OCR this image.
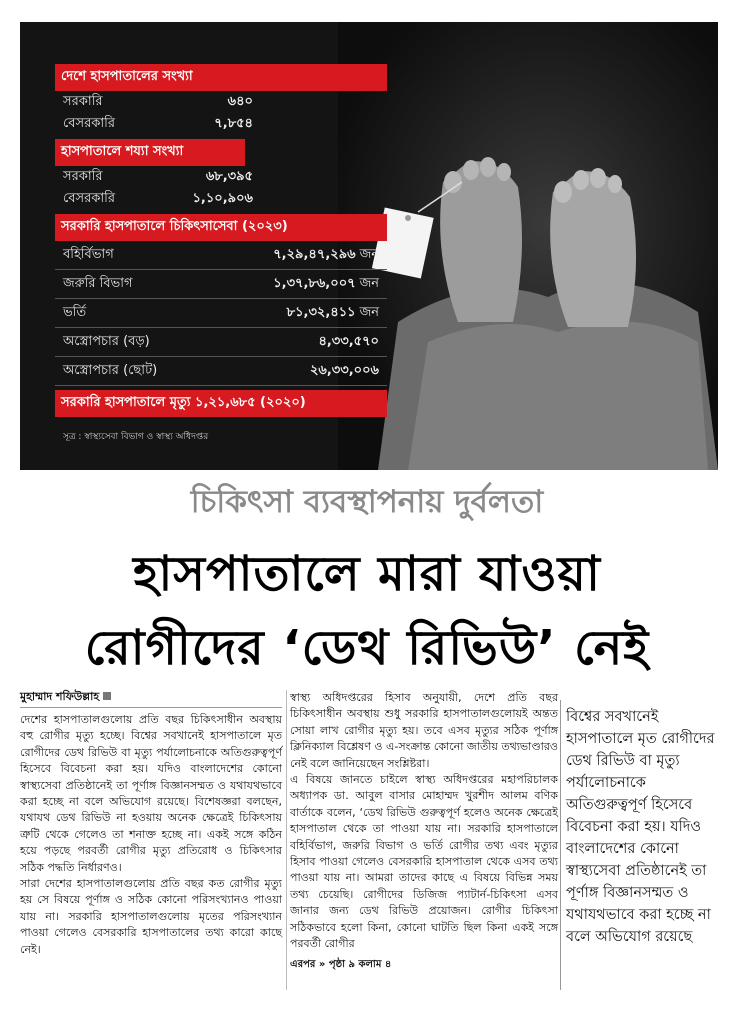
দেশে হাসপাতালের সংখ্যা
সরকারি	৬৪০
বেসরকারি	৭,৮৫৪
হাসপাতালে শয্যা সংখ্যা
সরকারি	৬৮,৩৯৫
বেসরকারি	১,১০,৯০৬
সরকারি হাসপাতালে চিকিৎসাসেবা (২০২৩)
বহির্বিভাগ	৭,২৯,৪৭,২৯৬ জন
জরুরি বিভাগ	১,৩৭,৮৬,০০৭ জন
ভর্তি	৮১,৩২,৪১১ জন
অস্ত্রোপচার (বড়)	৪,৩৩,৫৭০
অস্ত্রোপচার (ছোট)	২৬,৩৩,০০৬
সরকারি হাসপাতালে মৃত্যু ১,২১,৬৮৫ (২০২০)
সূত্র : স্বাস্থ্যসেবা বিভাগ ও স্বাস্থ্য অধিদপ্তর
চিকিৎসা ব্যবস্থাপনায় দুর্বলতা
হাসপাতালে মারা যাওয়া
রোগীদের ‘ডেথ রিভিউ’ নেই
মুহাম্মাদ শফিউল্লাহ

দেশের হাসপাতালগুলোয় প্রতি বছর চিকিৎসাধীন অবস্থায় বহু রোগীর মৃত্যু হচ্ছে। বিশ্বের সবখানেই হাসপাতালে মৃত রোগীদের ডেথ রিভিউ বা মৃত্যু পর্যালোচনাকে অতিগুরুত্বপূর্ণ হিসেবে বিবেচনা করা হয়। যদিও বাংলাদেশের কোনো স্বাস্থ্যসেবা প্রতিষ্ঠানেই তা পূর্ণাঙ্গ বিজ্ঞানসম্মত ও যথাযথভাবে করা হচ্ছে না বলে অভিযোগ রয়েছে। বিশেষজ্ঞরা বলছেন, যথাযথ ডেথ রিভিউ না হওয়ায় অনেক ক্ষেত্রেই চিকিৎসায় ত্রুটি থেকে গেলেও তা শনাক্ত হচ্ছে না। একই সঙ্গে কঠিন হয়ে পড়ছে পরবর্তী রোগীর মৃত্যু প্রতিরোধ ও চিকিৎসার সঠিক পদ্ধতি নির্ধারণও।

সারা দেশের হাসপাতালগুলোয় প্রতি বছর কত রোগীর মৃত্যু হয় সে বিষয়ে পূর্ণাঙ্গ ও সঠিক কোনো পরিসংখ্যানও পাওয়া যায় না। সরকারি হাসপাতালগুলোয় মৃতের পরিসংখ্যান পাওয়া গেলেও বেসরকারি হাসপাতালের তথ্য কারো কাছে নেই।

স্বাস্থ্য অধিদপ্তরের হিসাব অনুযায়ী, দেশে প্রতি বছর চিকিৎসাধীন অবস্থায় শুধু সরকারি হাসপাতালগুলোয়ই অন্তত সোয়া লাখ রোগীর মৃত্যু হয়। তবে এসব মৃত্যুর সঠিক পূর্ণাঙ্গ ক্লিনিক্যাল বিশ্লেষণ ও এ-সংক্রান্ত কোনো জাতীয় তথ্যভাণ্ডারও নেই বলে জানিয়েছেন সংশ্লিষ্টরা।

এ বিষয়ে জানতে চাইলে স্বাস্থ্য অধিদপ্তরের মহাপরিচালক অধ্যাপক ডা. আবুল বাসার মোহাম্মদ খুরশীদ আলম বণিক বার্তাকে বলেন, ‘ডেথ রিভিউ গুরুত্বপূর্ণ হলেও অনেক ক্ষেত্রেই হাসপাতাল থেকে তা পাওয়া যায় না। সরকারি হাসপাতালে বহির্বিভাগ, জরুরি বিভাগ ও ভর্তি রোগীর তথ্য এবং মৃত্যুর হিসাব পাওয়া গেলেও বেসরকারি হাসপাতাল থেকে এসব তথ্য পাওয়া যায় না। আমরা তাদের কাছে এ বিষয়ে বিভিন্ন সময় তথ্য চেয়েছি। রোগীদের ডিজিজ প্যাটার্ন-চিকিৎসা এসব জানার জন্য ডেথ রিভিউ প্রয়োজন। রোগীর চিকিৎসা সঠিকভাবে হলো কিনা, কোনো ঘাটতি ছিল কিনা একই সঙ্গে পরবর্তী রোগীর

এরপর » পৃষ্ঠা ৯ কলাম ৪
বিশ্বের সবখানেই হাসপাতালে মৃত রোগীদের ডেথ রিভিউ বা মৃত্যু পর্যালোচনাকে অতিগুরুত্বপূর্ণ হিসেবে বিবেচনা করা হয়। যদিও বাংলাদেশের কোনো স্বাস্থ্যসেবা প্রতিষ্ঠানেই তা পূর্ণাঙ্গ বিজ্ঞানসম্মত ও যথাযথভাবে করা হচ্ছে না বলে অভিযোগ রয়েছে
